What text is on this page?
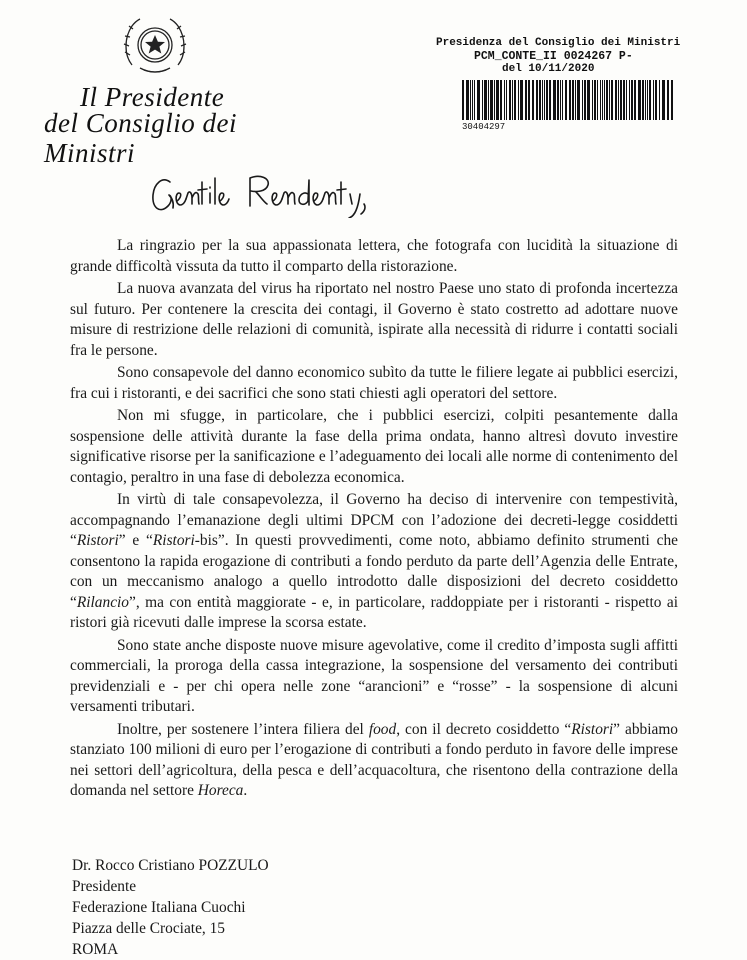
Il Presidente
del Consiglio dei Ministri
Presidenza del Consiglio dei Ministri
PCM_CONTE_II 0024267 P-
del 10/11/2020
30404297

La ringrazio per la sua appassionata lettera, che fotografa con lucidità la situazione di grande difficoltà vissuta da tutto il comparto della ristorazione.

La nuova avanzata del virus ha riportato nel nostro Paese uno stato di profonda incertezza sul futuro. Per contenere la crescita dei contagi, il Governo è stato costretto ad adottare nuove misure di restrizione delle relazioni di comunità, ispirate alla necessità di ridurre i contatti sociali fra le persone.

Sono consapevole del danno economico subìto da tutte le filiere legate ai pubblici esercizi, fra cui i ristoranti, e dei sacrifici che sono stati chiesti agli operatori del settore.

Non mi sfugge, in particolare, che i pubblici esercizi, colpiti pesantemente dalla sospensione delle attività durante la fase della prima ondata, hanno altresì dovuto investire significative risorse per la sanificazione e l’adeguamento dei locali alle norme di contenimento del contagio, peraltro in una fase di debolezza economica.

In virtù di tale consapevolezza, il Governo ha deciso di intervenire con tempestività, accompagnando l’emanazione degli ultimi DPCM con l’adozione dei decreti-legge cosiddetti “Ristori” e “Ristori-bis”. In questi provvedimenti, come noto, abbiamo definito strumenti che consentono la rapida erogazione di contributi a fondo perduto da parte dell’Agenzia delle Entrate, con un meccanismo analogo a quello introdotto dalle disposizioni del decreto cosiddetto “Rilancio”, ma con entità maggiorate - e, in particolare, raddoppiate per i ristoranti - rispetto ai ristori già ricevuti dalle imprese la scorsa estate.

Sono state anche disposte nuove misure agevolative, come il credito d’imposta sugli affitti commerciali, la proroga della cassa integrazione, la sospensione del versamento dei contributi previdenziali e - per chi opera nelle zone “arancioni” e “rosse” - la sospensione di alcuni versamenti tributari.

Inoltre, per sostenere l’intera filiera del food, con il decreto cosiddetto “Ristori” abbiamo stanziato 100 milioni di euro per l’erogazione di contributi a fondo perduto in favore delle imprese nei settori dell’agricoltura, della pesca e dell’acquacoltura, che risentono della contrazione della domanda nel settore Horeca.

Dr. Rocco Cristiano POZZULO
Presidente
Federazione Italiana Cuochi
Piazza delle Crociate, 15
ROMA
